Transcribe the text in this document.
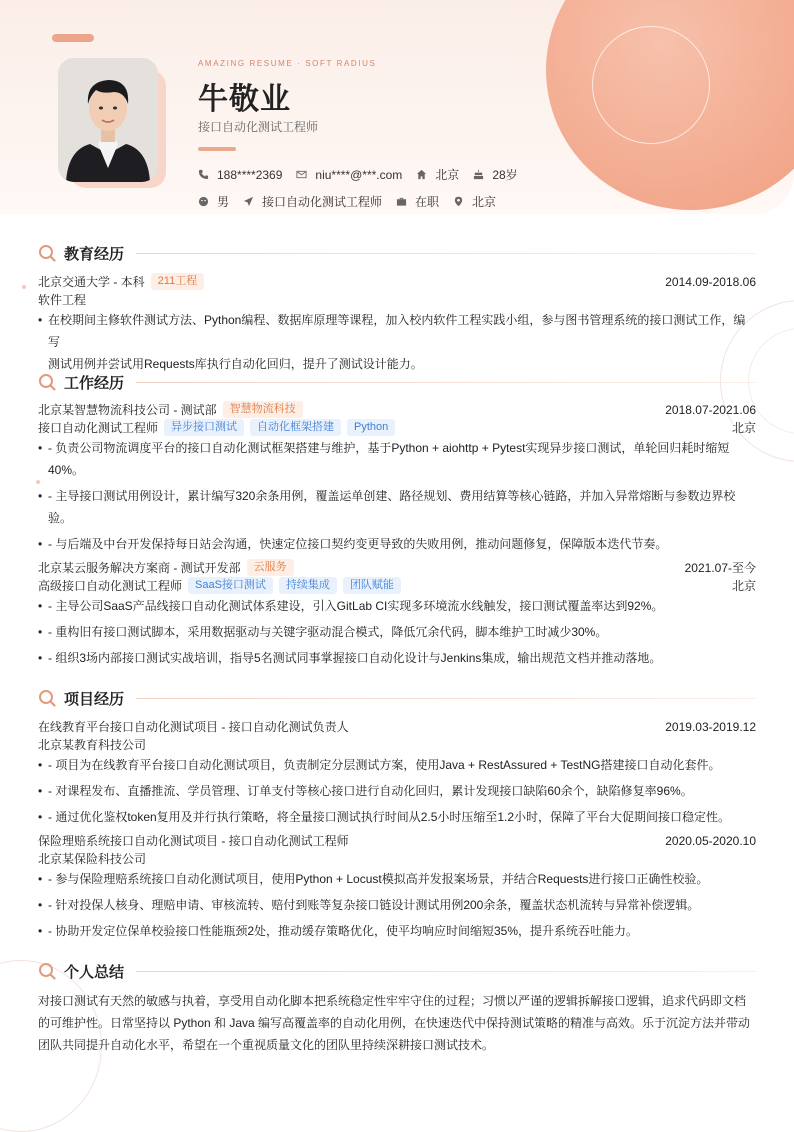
AMAZING RESUME · SOFT RADIUS
牛敬业
接口自动化测试工程师
188****2369	niu****@***.com	北京	28岁
男	接口自动化测试工程师	在职	北京
教育经历
北京交通大学 - 本科	211工程	2014.09-2018.06
软件工程
• 在校期间主修软件测试方法、Python编程、数据库原理等课程，加入校内软件工程实践小组，参与图书管理系统的接口测试工作，编写
测试用例并尝试用Requests库执行自动化回归，提升了测试设计能力。
工作经历
北京某智慧物流科技公司 - 测试部	智慧物流科技	2018.07-2021.06
接口自动化测试工程师	异步接口测试	自动化框架搭建	Python	北京
• - 负责公司物流调度平台的接口自动化测试框架搭建与维护，基于Python + aiohttp + Pytest实现异步接口测试，单轮回归耗时缩短
40%。
• - 主导接口测试用例设计，累计编写320余条用例，覆盖运单创建、路径规划、费用结算等核心链路，并加入异常熔断与参数边界校
验。
• - 与后端及中台开发保持每日站会沟通，快速定位接口契约变更导致的失败用例，推动问题修复，保障版本迭代节奏。
北京某云服务解决方案商 - 测试开发部	云服务	2021.07-至今
高级接口自动化测试工程师	SaaS接口测试	持续集成	团队赋能	北京
• - 主导公司SaaS产品线接口自动化测试体系建设，引入GitLab CI实现多环境流水线触发，接口测试覆盖率达到92%。
• - 重构旧有接口测试脚本，采用数据驱动与关键字驱动混合模式，降低冗余代码，脚本维护工时减少30%。
• - 组织3场内部接口测试实战培训，指导5名测试同事掌握接口自动化设计与Jenkins集成，输出规范文档并推动落地。
项目经历
在线教育平台接口自动化测试项目 - 接口自动化测试负责人	2019.03-2019.12
北京某教育科技公司
• - 项目为在线教育平台接口自动化测试项目，负责制定分层测试方案，使用Java + RestAssured + TestNG搭建接口自动化套件。
• - 对课程发布、直播推流、学员管理、订单支付等核心接口进行自动化回归，累计发现接口缺陷60余个，缺陷修复率96%。
• - 通过优化鉴权token复用及并行执行策略，将全量接口测试执行时间从2.5小时压缩至1.2小时，保障了平台大促期间接口稳定性。
保险理赔系统接口自动化测试项目 - 接口自动化测试工程师	2020.05-2020.10
北京某保险科技公司
• - 参与保险理赔系统接口自动化测试项目，使用Python + Locust模拟高并发报案场景，并结合Requests进行接口正确性校验。
• - 针对投保人核身、理赔申请、审核流转、赔付到账等复杂接口链设计测试用例200余条，覆盖状态机流转与异常补偿逻辑。
• - 协助开发定位保单校验接口性能瓶颈2处，推动缓存策略优化，使平均响应时间缩短35%，提升系统吞吐能力。
个人总结
对接口测试有天然的敏感与执着，享受用自动化脚本把系统稳定性牢牢守住的过程；习惯以严谨的逻辑拆解接口逻辑，追求代码即文档
的可维护性。日常坚持以 Python 和 Java 编写高覆盖率的自动化用例，在快速迭代中保持测试策略的精准与高效。乐于沉淀方法并带动
团队共同提升自动化水平，希望在一个重视质量文化的团队里持续深耕接口测试技术。
